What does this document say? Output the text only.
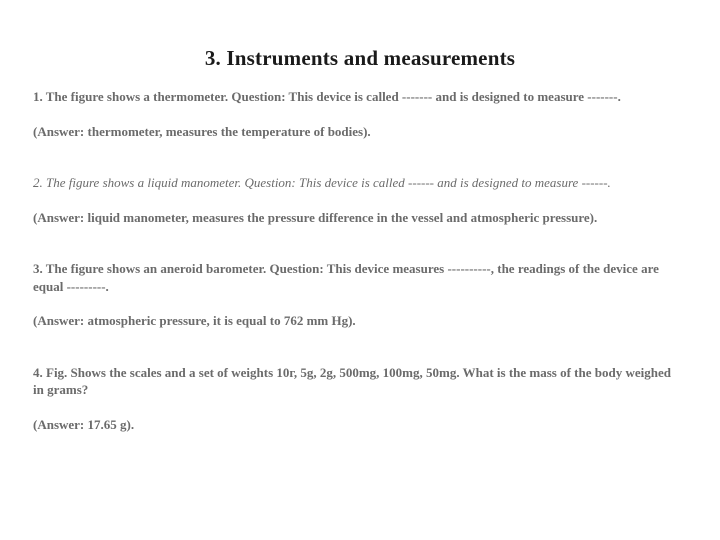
3. Instruments and measurements

1. The figure shows a thermometer. Question: This device is called ------- and is designed to measure -------.

(Answer: thermometer, measures the temperature of bodies).

2. The figure shows a liquid manometer. Question: This device is called ------ and is designed to measure ------.

(Answer: liquid manometer, measures the pressure difference in the vessel and atmospheric pressure).

3. The figure shows an aneroid barometer. Question: This device measures ----------, the readings of the device are equal ---------.

(Answer: atmospheric pressure, it is equal to 762 mm Hg).

4. Fig. Shows the scales and a set of weights 10г, 5g, 2g, 500mg, 100mg, 50mg. What is the mass of the body weighed in grams?

(Answer: 17.65 g).
